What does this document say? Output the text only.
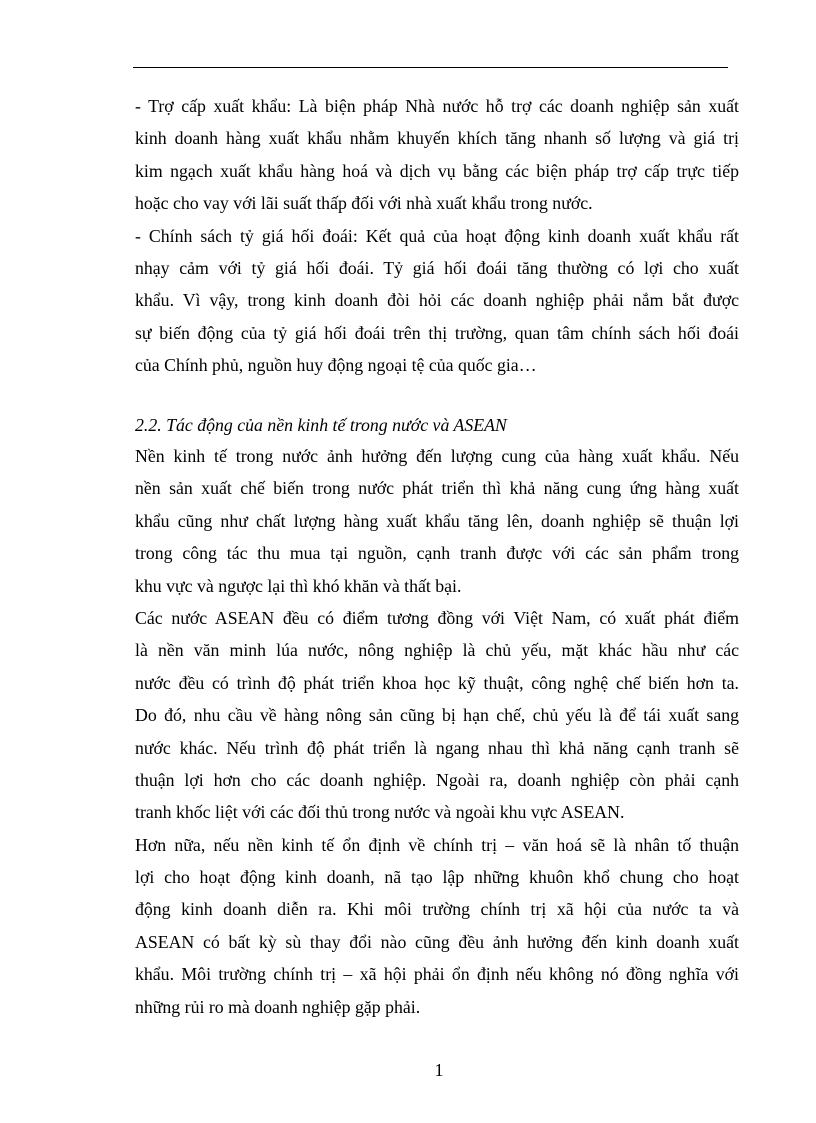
- Trợ cấp xuất khẩu: Là biện pháp Nhà nước hỗ trợ các doanh nghiệp sản xuất
kinh doanh hàng xuất khẩu nhằm khuyến khích tăng nhanh số lượng và giá trị
kim ngạch xuất khẩu hàng hoá và dịch vụ bằng các biện pháp trợ cấp trực tiếp
hoặc cho vay với lãi suất thấp đối với nhà xuất khẩu trong nước.
- Chính sách tỷ giá hối đoái: Kết quả của hoạt động kinh doanh xuất khẩu rất
nhạy cảm với tỷ giá hối đoái. Tỷ giá hối đoái tăng thường có lợi cho xuất
khẩu. Vì vậy, trong kinh doanh đòi hỏi các doanh nghiệp phải nắm bắt được
sự biến động của tỷ giá hối đoái trên thị trường, quan tâm chính sách hối đoái
của Chính phủ, nguồn huy động ngoại tệ của quốc gia…
2.2. Tác động của nền kinh tế trong nước và ASEAN
Nền kinh tế trong nước ảnh hưởng đến lượng cung của hàng xuất khẩu. Nếu
nền sản xuất chế biến trong nước phát triển thì khả năng cung ứng hàng xuất
khẩu cũng như chất lượng hàng xuất khẩu tăng lên, doanh nghiệp sẽ thuận lợi
trong công tác thu mua tại nguồn, cạnh tranh được với các sản phẩm trong
khu vực và ngược lại thì khó khăn và thất bại.
Các nước ASEAN đều có điểm tương đồng với Việt Nam, có xuất phát điểm
là nền văn minh lúa nước, nông nghiệp là chủ yếu, mặt khác hầu như các
nước đều có trình độ phát triển khoa học kỹ thuật, công nghệ chế biến hơn ta.
Do đó, nhu cầu về hàng nông sản cũng bị hạn chế, chủ yếu là để tái xuất sang
nước khác. Nếu trình độ phát triển là ngang nhau thì khả năng cạnh tranh sẽ
thuận lợi hơn cho các doanh nghiệp. Ngoài ra, doanh nghiệp còn phải cạnh
tranh khốc liệt với các đối thủ trong nước và ngoài khu vực ASEAN.
Hơn nữa, nếu nền kinh tế ổn định về chính trị – văn hoá sẽ là nhân tố thuận
lợi cho hoạt động kinh doanh, nã tạo lập những khuôn khổ chung cho hoạt
động kinh doanh diễn ra. Khi môi trường chính trị xã hội của nước ta và
ASEAN có bất kỳ sù thay đổi nào cũng đều ảnh hưởng đến kinh doanh xuất
khẩu. Môi trường chính trị – xã hội phải ổn định nếu không nó đồng nghĩa với
những rủi ro mà doanh nghiệp gặp phải.
1
